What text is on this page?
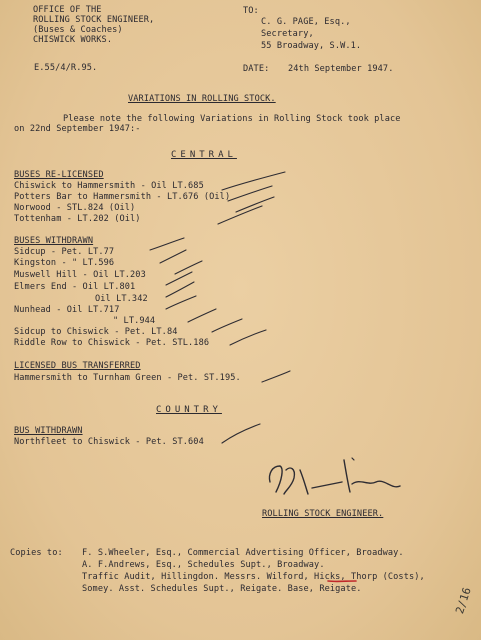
OFFICE OF THE
ROLLING STOCK ENGINEER,
(Buses & Coaches)
CHISWICK WORKS.
E.55/4/R.95.
TO:
C. G. PAGE, Esq.,
Secretary,
55 Broadway, S.W.1.
DATE: 24th September 1947.
VARIATIONS IN ROLLING STOCK.
Please note the following Variations in Rolling Stock took place
on 22nd September 1947:-
CENTRAL
BUSES RE-LICENSED
Chiswick to Hammersmith - Oil LT.685
Potters Bar to Hammersmith - LT.676 (Oil)
Norwood - STL.824 (Oil)
Tottenham - LT.202 (Oil)
BUSES WITHDRAWN
Sidcup - Pet. LT.77
Kingston - " LT.596
Muswell Hill - Oil LT.203
Elmers End - Oil LT.801
Oil LT.342
Nunhead - Oil LT.717
" LT.944
Sidcup to Chiswick - Pet. LT.84
Riddle Row to Chiswick - Pet. STL.186
LICENSED BUS TRANSFERRED
Hammersmith to Turnham Green - Pet. ST.195.
COUNTRY
BUS WITHDRAWN
Northfleet to Chiswick - Pet. ST.604
ROLLING STOCK ENGINEER.
Copies to: F. S.Wheeler, Esq., Commercial Advertising Officer, Broadway.
A. F.Andrews, Esq., Schedules Supt., Broadway.
Traffic Audit, Hillingdon. Messrs. Wilford, Hicks, Thorp (Costs),
Somey. Asst. Schedules Supt., Reigate. Base, Reigate.	2/16
